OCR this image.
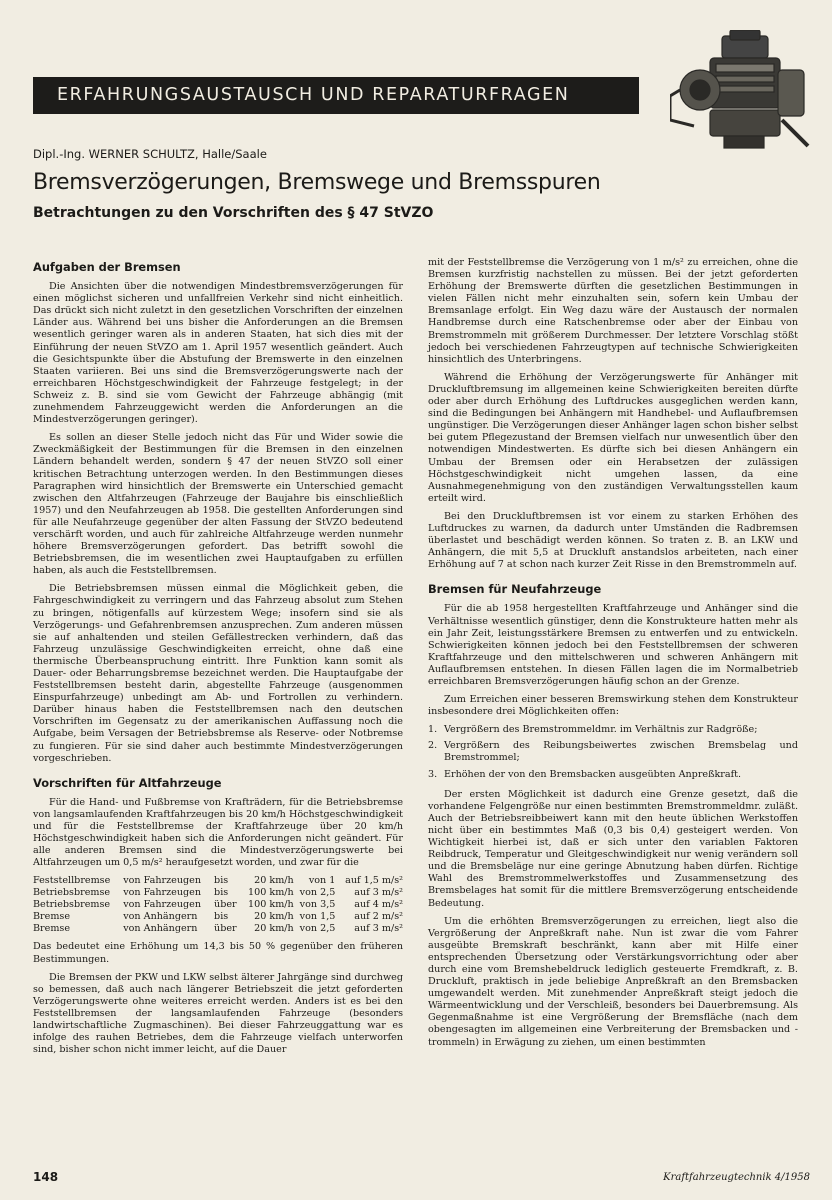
ERFAHRUNGSAUSTAUSCH UND REPARATURFRAGEN
Dipl.-Ing. WERNER SCHULTZ, Halle/Saale
Bremsverzögerungen, Bremswege und Bremsspuren
Betrachtungen zu den Vorschriften des § 47 StVZO
Aufgaben der Bremsen

Die Ansichten über die notwendigen Mindestbremsverzögerungen für einen möglichst sicheren und unfallfreien Verkehr sind nicht einheitlich. Das drückt sich nicht zuletzt in den gesetzlichen Vorschriften der einzelnen Länder aus. Während bei uns bisher die Anforderungen an die Bremsen wesentlich geringer waren als in anderen Staaten, hat sich dies mit der Einführung der neuen StVZO am 1. April 1957 wesentlich geändert. Auch die Gesichtspunkte über die Abstufung der Bremswerte in den einzelnen Staaten variieren. Bei uns sind die Bremsverzögerungswerte nach der erreichbaren Höchstgeschwindigkeit der Fahrzeuge festgelegt; in der Schweiz z. B. sind sie vom Gewicht der Fahrzeuge abhängig (mit zunehmendem Fahrzeuggewicht werden die Anforderungen an die Mindestverzögerungen geringer).

Es sollen an dieser Stelle jedoch nicht das Für und Wider sowie die Zweckmäßigkeit der Bestimmungen für die Bremsen in den einzelnen Ländern behandelt werden, sondern § 47 der neuen StVZO soll einer kritischen Betrachtung unterzogen werden. In den Bestimmungen dieses Paragraphen wird hinsichtlich der Bremswerte ein Unterschied gemacht zwischen den Altfahrzeugen (Fahrzeuge der Baujahre bis einschließlich 1957) und den Neufahrzeugen ab 1958. Die gestellten Anforderungen sind für alle Neufahrzeuge gegenüber der alten Fassung der StVZO bedeutend verschärft worden, und auch für zahlreiche Altfahrzeuge werden nunmehr höhere Bremsverzögerungen gefordert. Das betrifft sowohl die Betriebsbremsen, die im wesentlichen zwei Hauptaufgaben zu erfüllen haben, als auch die Feststellbremsen.

Die Betriebsbremsen müssen einmal die Möglichkeit geben, die Fahrgeschwindigkeit zu verringern und das Fahrzeug absolut zum Stehen zu bringen, nötigenfalls auf kürzestem Wege; insofern sind sie als Verzögerungs- und Gefahrenbremsen anzusprechen. Zum anderen müssen sie auf anhaltenden und steilen Gefällestrecken verhindern, daß das Fahrzeug unzulässige Geschwindigkeiten erreicht, ohne daß eine thermische Überbeanspruchung eintritt. Ihre Funktion kann somit als Dauer- oder Beharrungsbremse bezeichnet werden. Die Hauptaufgabe der Feststellbremsen besteht darin, abgestellte Fahrzeuge (ausgenommen Einspurfahrzeuge) unbedingt am Ab- und Fortrollen zu verhindern. Darüber hinaus haben die Feststellbremsen nach den deutschen Vorschriften im Gegensatz zu der amerikanischen Auffassung noch die Aufgabe, beim Versagen der Betriebsbremse als Reserve- oder Notbremse zu fungieren. Für sie sind daher auch bestimmte Mindestverzögerungen vorgeschrieben.

Vorschriften für Altfahrzeuge

Für die Hand- und Fußbremse von Krafträdern, für die Betriebsbremse von langsamlaufenden Kraftfahrzeugen bis 20 km/h Höchstgeschwindigkeit und für die Feststellbremse der Kraftfahrzeuge über 20 km/h Höchstgeschwindigkeit haben sich die Anforderungen nicht geändert. Für alle anderen Bremsen sind die Mindestverzögerungswerte bei Altfahrzeugen um 0,5 m/s² heraufgesetzt worden, und zwar für die

Feststellbremse	von Fahrzeugen	bis	20 km/h	von 1	auf 1,5 m/s²
Betriebsbremse	von Fahrzeugen	bis	100 km/h	von 2,5	auf 3 m/s²
Betriebsbremse	von Fahrzeugen	über	100 km/h	von 3,5	auf 4 m/s²
Bremse	von Anhängern	bis	20 km/h	von 1,5	auf 2 m/s²
Bremse	von Anhängern	über	20 km/h	von 2,5	auf 3 m/s²

Das bedeutet eine Erhöhung um 14,3 bis 50 % gegenüber den früheren Bestimmungen.

Die Bremsen der PKW und LKW selbst älterer Jahrgänge sind durchweg so bemessen, daß auch nach längerer Betriebszeit die jetzt geforderten Verzögerungswerte ohne weiteres erreicht werden. Anders ist es bei den Feststellbremsen der langsamlaufenden Fahrzeuge (besonders landwirtschaftliche Zugmaschinen). Bei dieser Fahrzeuggattung war es infolge des rauhen Betriebes, dem die Fahrzeuge vielfach unterworfen sind, bisher schon nicht immer leicht, auf die Dauer

mit der Feststellbremse die Verzögerung von 1 m/s² zu erreichen, ohne die Bremsen kurzfristig nachstellen zu müssen. Bei der jetzt geforderten Erhöhung der Bremswerte dürften die gesetzlichen Bestimmungen in vielen Fällen nicht mehr einzuhalten sein, sofern kein Umbau der Bremsanlage erfolgt. Ein Weg dazu wäre der Austausch der normalen Handbremse durch eine Ratschenbremse oder aber der Einbau von Bremstrommeln mit größerem Durchmesser. Der letztere Vorschlag stößt jedoch bei verschiedenen Fahrzeugtypen auf technische Schwierigkeiten hinsichtlich des Unterbringens.

Während die Erhöhung der Verzögerungswerte für Anhänger mit Druckluftbremsung im allgemeinen keine Schwierigkeiten bereiten dürfte oder aber durch Erhöhung des Luftdruckes ausgeglichen werden kann, sind die Bedingungen bei Anhängern mit Handhebel- und Auflaufbremsen ungünstiger. Die Verzögerungen dieser Anhänger lagen schon bisher selbst bei gutem Pflegezustand der Bremsen vielfach nur unwesentlich über den notwendigen Mindestwerten. Es dürfte sich bei diesen Anhängern ein Umbau der Bremsen oder ein Herabsetzen der zulässigen Höchstgeschwindigkeit nicht umgehen lassen, da eine Ausnahmegenehmigung von den zuständigen Verwaltungsstellen kaum erteilt wird.

Bei den Druckluftbremsen ist vor einem zu starken Erhöhen des Luftdruckes zu warnen, da dadurch unter Umständen die Radbremsen überlastet und beschädigt werden können. So traten z. B. an LKW und Anhängern, die mit 5,5 at Druckluft anstandslos arbeiteten, nach einer Erhöhung auf 7 at schon nach kurzer Zeit Risse in den Bremstrommeln auf.

Bremsen für Neufahrzeuge

Für die ab 1958 hergestellten Kraftfahrzeuge und Anhänger sind die Verhältnisse wesentlich günstiger, denn die Konstrukteure hatten mehr als ein Jahr Zeit, leistungsstärkere Bremsen zu entwerfen und zu entwickeln. Schwierigkeiten können jedoch bei den Feststellbremsen der schweren Kraftfahrzeuge und den mittelschweren und schweren Anhängern mit Auflaufbremsen entstehen. In diesen Fällen lagen die im Normalbetrieb erreichbaren Bremsverzögerungen häufig schon an der Grenze.

Zum Erreichen einer besseren Bremswirkung stehen dem Konstrukteur insbesondere drei Möglichkeiten offen:

1. Vergrößern des Bremstrommeldmr. im Verhältnis zur Radgröße;
2. Vergrößern des Reibungsbeiwertes zwischen Bremsbelag und Bremstrommel;
3. Erhöhen der von den Bremsbacken ausgeübten Anpreßkraft.

Der ersten Möglichkeit ist dadurch eine Grenze gesetzt, daß die vorhandene Felgengröße nur einen bestimmten Bremstrommeldmr. zuläßt. Auch der Betriebsreibbeiwert kann mit den heute üblichen Werkstoffen nicht über ein bestimmtes Maß (0,3 bis 0,4) gesteigert werden. Von Wichtigkeit hierbei ist, daß er sich unter den variablen Faktoren Reibdruck, Temperatur und Gleitgeschwindigkeit nur wenig verändern soll und die Bremsbeläge nur eine geringe Abnutzung haben dürfen. Richtige Wahl des Bremstrommelwerkstoffes und Zusammensetzung des Bremsbelages hat somit für die mittlere Bremsverzögerung entscheidende Bedeutung.

Um die erhöhten Bremsverzögerungen zu erreichen, liegt also die Vergrößerung der Anpreßkraft nahe. Nun ist zwar die vom Fahrer ausgeübte Bremskraft beschränkt, kann aber mit Hilfe einer entsprechenden Übersetzung oder Verstärkungsvorrichtung oder aber durch eine vom Bremshebeldruck lediglich gesteuerte Fremdkraft, z. B. Druckluft, praktisch in jede beliebige Anpreßkraft an den Bremsbacken umgewandelt werden. Mit zunehmender Anpreßkraft steigt jedoch die Wärmeentwicklung und der Verschleiß, besonders bei Dauerbremsung. Als Gegenmaßnahme ist eine Vergrößerung der Bremsfläche (nach dem obengesagten im allgemeinen eine Verbreiterung der Bremsbacken und -trommeln) in Erwägung zu ziehen, um einen bestimmten

148	Kraftfahrzeugtechnik 4/1958
